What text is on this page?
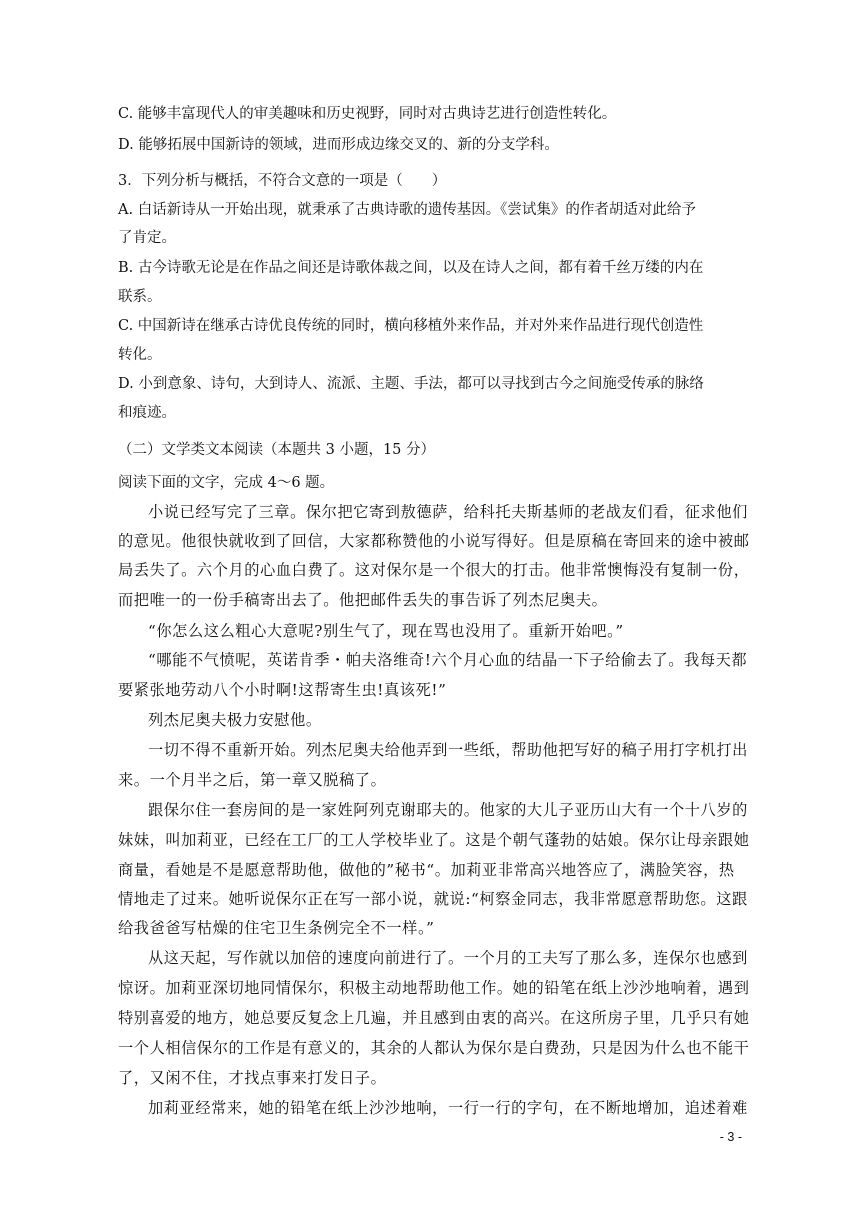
C. 能够丰富现代人的审美趣味和历史视野，同时对古典诗艺进行创造性转化。
D. 能够拓展中国新诗的领域，进而形成边缘交叉的、新的分支学科。
3．下列分析与概括，不符合文意的一项是（　　）
A. 白话新诗从一开始出现，就秉承了古典诗歌的遗传基因。《尝试集》的作者胡适对此给予
了肯定。
B. 古今诗歌无论是在作品之间还是诗歌体裁之间，以及在诗人之间，都有着千丝万缕的内在
联系。
C. 中国新诗在继承古诗优良传统的同时，横向移植外来作品，并对外来作品进行现代创造性
转化。
D. 小到意象、诗句，大到诗人、流派、主题、手法，都可以寻找到古今之间施受传承的脉络
和痕迹。
（二）文学类文本阅读（本题共 3 小题，15 分）
阅读下面的文字，完成 4～6 题。
小说已经写完了三章。保尔把它寄到敖德萨，给科托夫斯基师的老战友们看，征求他们
的意见。他很快就收到了回信，大家都称赞他的小说写得好。但是原稿在寄回来的途中被邮
局丢失了。六个月的心血白费了。这对保尔是一个很大的打击。他非常懊悔没有复制一份，
而把唯一的一份手稿寄出去了。他把邮件丢失的事告诉了列杰尼奥夫。
“你怎么这么粗心大意呢?别生气了，现在骂也没用了。重新开始吧。”
“哪能不气愤呢，英诺肯季・帕夫洛维奇!六个月心血的结晶一下子给偷去了。我每天都
要紧张地劳动八个小时啊!这帮寄生虫!真该死!”
列杰尼奥夫极力安慰他。
一切不得不重新开始。列杰尼奥夫给他弄到一些纸，帮助他把写好的稿子用打字机打出
来。一个月半之后，第一章又脱稿了。
跟保尔住一套房间的是一家姓阿列克谢耶夫的。他家的大儿子亚历山大有一个十八岁的
妹妹，叫加莉亚，已经在工厂的工人学校毕业了。这是个朝气蓬勃的姑娘。保尔让母亲跟她
商量，看她是不是愿意帮助他，做他的”秘书“。加莉亚非常高兴地答应了，满脸笑容，热
情地走了过来。她听说保尔正在写一部小说，就说:“柯察金同志，我非常愿意帮助您。这跟
给我爸爸写枯燥的住宅卫生条例完全不一样。”
从这天起，写作就以加倍的速度向前进行了。一个月的工夫写了那么多，连保尔也感到
惊讶。加莉亚深切地同情保尔，积极主动地帮助他工作。她的铅笔在纸上沙沙地响着，遇到
特别喜爱的地方，她总要反复念上几遍，并且感到由衷的高兴。在这所房子里，几乎只有她
一个人相信保尔的工作是有意义的，其余的人都认为保尔是白费劲，只是因为什么也不能干
了，又闲不住，才找点事来打发日子。
加莉亚经常来，她的铅笔在纸上沙沙地响，一行一行的字句，在不断地增加，追述着难
- 3 -
